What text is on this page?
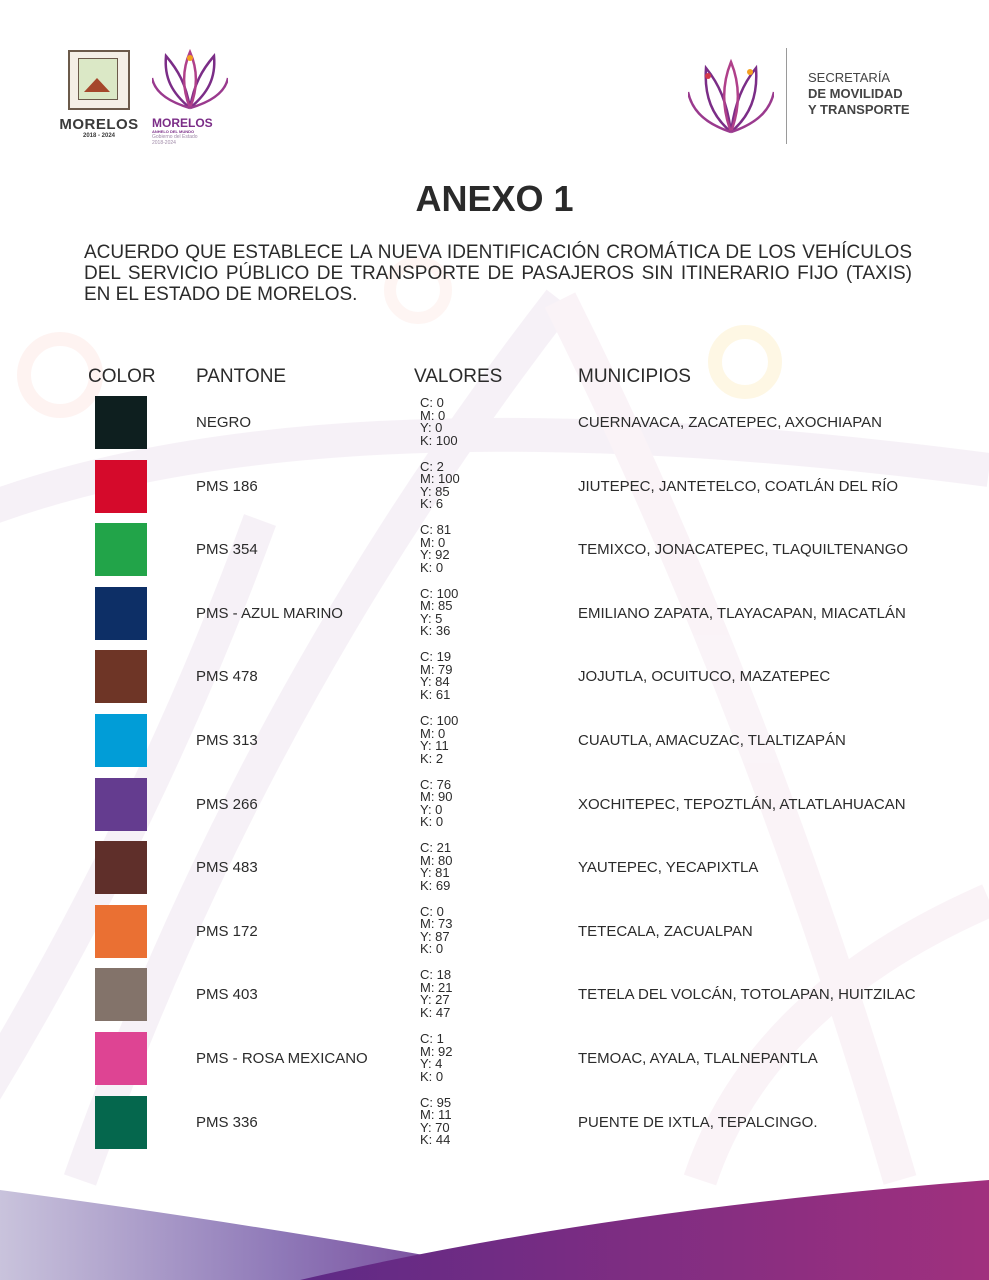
MORELOS
2018 - 2024
MORELOS
ANHELO DEL MUNDO
Gobierno del Estado
2018-2024
SECRETARÍA
DE MOVILIDAD
Y TRANSPORTE
ANEXO 1
ACUERDO QUE ESTABLECE LA NUEVA IDENTIFICACIÓN CROMÁTICA DE LOS VEHÍCULOS DEL SERVICIO PÚBLICO DE TRANSPORTE DE PASAJEROS SIN ITINERARIO FIJO (TAXIS) EN EL ESTADO DE MORELOS.
COLOR PANTONE	VALORES	MUNICIPIOS
NEGRO
C: 0
M: 0
Y: 0
K: 100
CUERNAVACA, ZACATEPEC, AXOCHIAPAN
PMS 186
C: 2
M: 100
Y: 85
K: 6
JIUTEPEC, JANTETELCO, COATLÁN DEL RÍO
PMS 354
C: 81
M: 0
Y: 92
K: 0
TEMIXCO, JONACATEPEC, TLAQUILTENANGO
PMS - AZUL MARINO
C: 100
M: 85
Y: 5
K: 36
EMILIANO ZAPATA, TLAYACAPAN, MIACATLÁN
PMS 478
C: 19
M: 79
Y: 84
K: 61
JOJUTLA, OCUITUCO, MAZATEPEC
PMS 313
C: 100
M: 0
Y: 11
K: 2
CUAUTLA, AMACUZAC, TLALTIZAPÁN
PMS 266
C: 76
M: 90
Y: 0
K: 0
XOCHITEPEC, TEPOZTLÁN, ATLATLAHUACAN
PMS 483
C: 21
M: 80
Y: 81
K: 69
YAUTEPEC, YECAPIXTLA
PMS 172
C: 0
M: 73
Y: 87
K: 0
TETECALA, ZACUALPAN
PMS 403
C: 18
M: 21
Y: 27
K: 47
TETELA DEL VOLCÁN, TOTOLAPAN, HUITZILAC
PMS - ROSA MEXICANO
C: 1
M: 92
Y: 4
K: 0
TEMOAC, AYALA, TLALNEPANTLA
PMS 336
C: 95
M: 11
Y: 70
K: 44
PUENTE DE IXTLA, TEPALCINGO.
